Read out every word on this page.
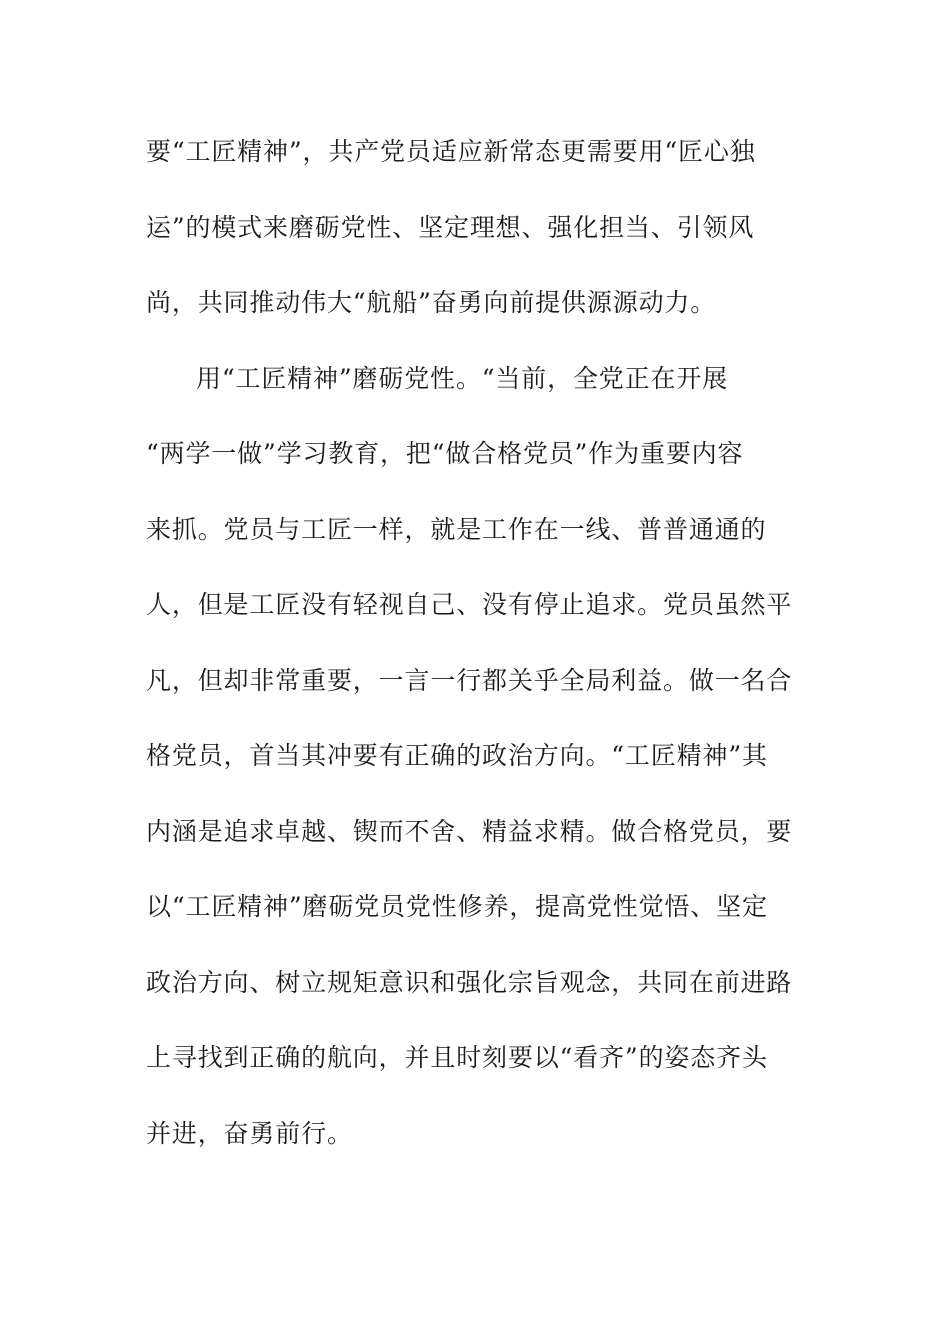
要“工匠精神”，共产党员适应新常态更需要用“匠心独
运”的模式来磨砺党性、坚定理想、强化担当、引领风
尚，共同推动伟大“航船”奋勇向前提供源源动力。
用“工匠精神”磨砺党性。“当前，全党正在开展
“两学一做”学习教育，把“做合格党员”作为重要内容
来抓。党员与工匠一样，就是工作在一线、普普通通的
人，但是工匠没有轻视自己、没有停止追求。党员虽然平
凡，但却非常重要，一言一行都关乎全局利益。做一名合
格党员，首当其冲要有正确的政治方向。“工匠精神”其
内涵是追求卓越、锲而不舍、精益求精。做合格党员，要
以“工匠精神”磨砺党员党性修养，提高党性觉悟、坚定
政治方向、树立规矩意识和强化宗旨观念，共同在前进路
上寻找到正确的航向，并且时刻要以“看齐”的姿态齐头
并进，奋勇前行。
